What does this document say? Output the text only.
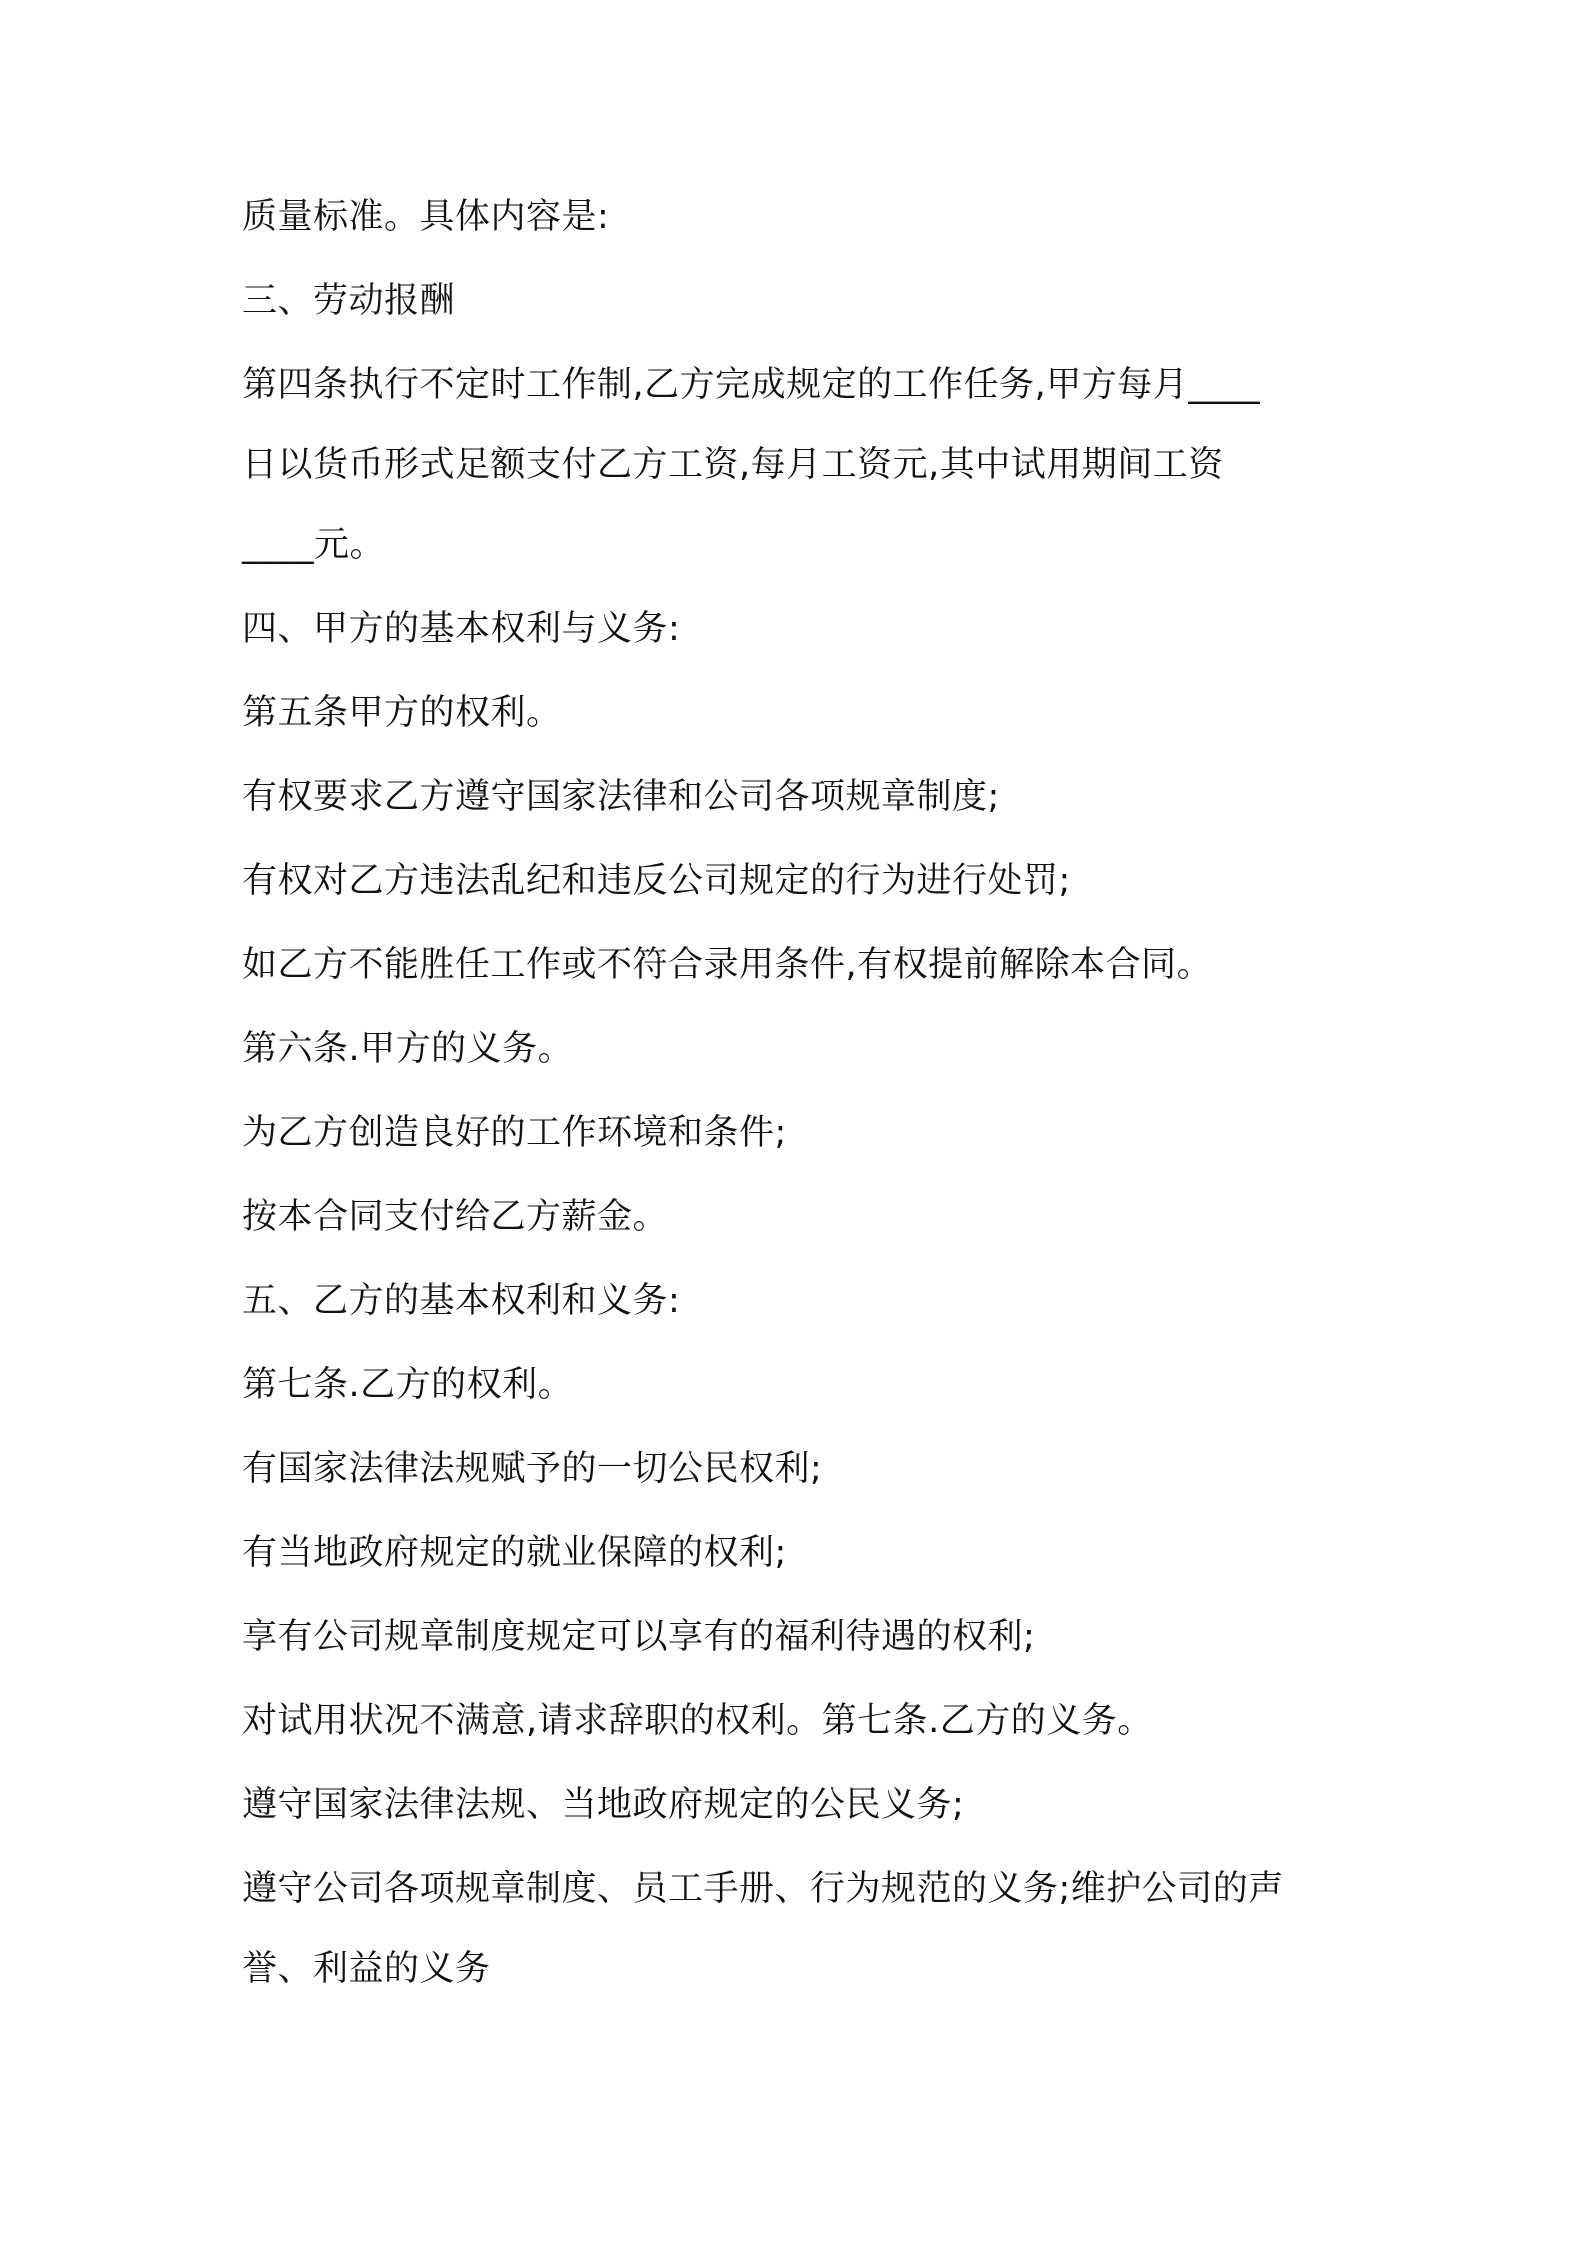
质量标准。具体内容是:

三、劳动报酬

第四条执行不定时工作制,乙方完成规定的工作任务,甲方每月____

日以货币形式足额支付乙方工资,每月工资元,其中试用期间工资

____元。

四、甲方的基本权利与义务:

第五条甲方的权利。

有权要求乙方遵守国家法律和公司各项规章制度;

有权对乙方违法乱纪和违反公司规定的行为进行处罚;

如乙方不能胜任工作或不符合录用条件,有权提前解除本合同。

第六条.甲方的义务。

为乙方创造良好的工作环境和条件;

按本合同支付给乙方薪金。

五、乙方的基本权利和义务:

第七条.乙方的权利。

有国家法律法规赋予的一切公民权利;

有当地政府规定的就业保障的权利;

享有公司规章制度规定可以享有的福利待遇的权利;

对试用状况不满意,请求辞职的权利。第七条.乙方的义务。

遵守国家法律法规、当地政府规定的公民义务;

遵守公司各项规章制度、员工手册、行为规范的义务;维护公司的声

誉、利益的义务
